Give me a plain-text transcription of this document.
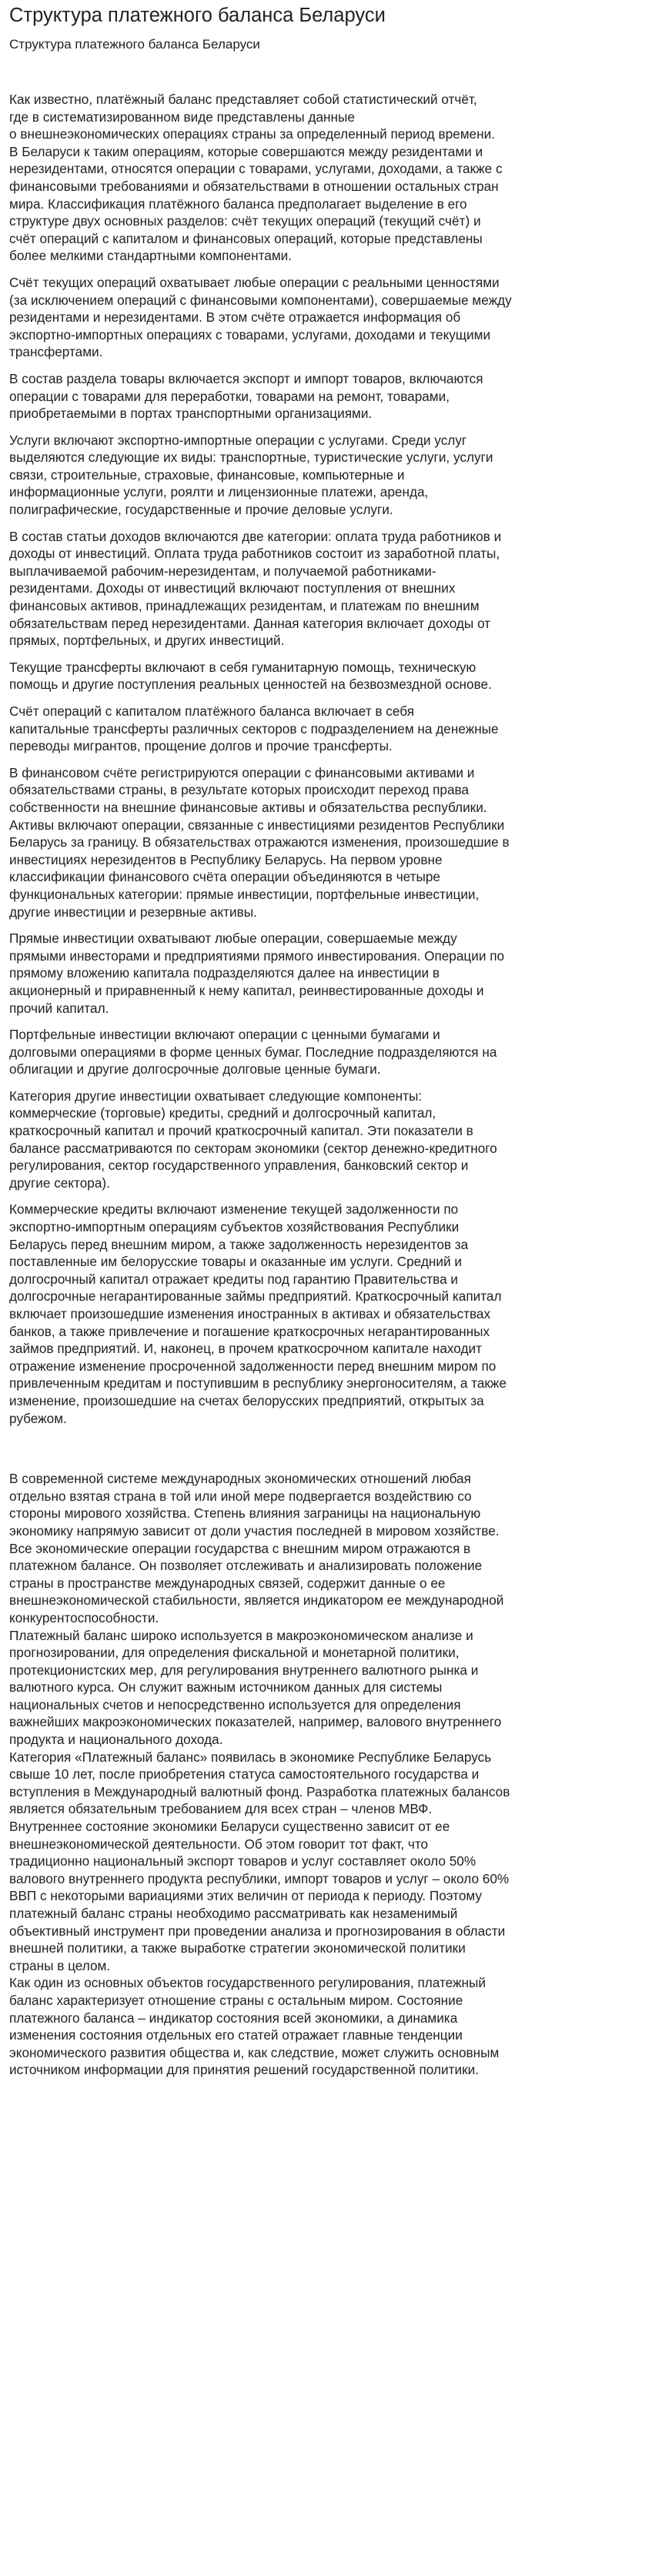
Структура платежного баланса Беларуси
Структура платежного баланса Беларуси

Как известно, платёжный баланс представляет собой статистический отчёт,
где в систематизированном виде представлены данные
о внешнеэкономических операциях страны за определенный период времени.
В Беларуси к таким операциям, которые совершаются между резидентами и
нерезидентами, относятся операции с товарами, услугами, доходами, а также с
финансовыми требованиями и обязательствами в отношении остальных стран
мира. Классификация платёжного баланса предполагает выделение в его
структуре двух основных разделов: счёт текущих операций (текущий счёт) и
счёт операций с капиталом и финансовых операций, которые представлены
более мелкими стандартными компонентами.

Счёт текущих операций охватывает любые операции с реальными ценностями
(за исключением операций с финансовыми компонентами), совершаемые между
резидентами и нерезидентами. В этом счёте отражается информация об
экспортно-импортных операциях с товарами, услугами, доходами и текущими
трансфертами.

В состав раздела товары включается экспорт и импорт товаров, включаются
операции с товарами для переработки, товарами на ремонт, товарами,
приобретаемыми в портах транспортными организациями.

Услуги включают экспортно-импортные операции с услугами. Среди услуг
выделяются следующие их виды: транспортные, туристические услуги, услуги
связи, строительные, страховые, финансовые, компьютерные и
информационные услуги, роялти и лицензионные платежи, аренда,
полиграфические, государственные и прочие деловые услуги.

В состав статьи доходов включаются две категории: оплата труда работников и
доходы от инвестиций. Оплата труда работников состоит из заработной платы,
выплачиваемой рабочим-нерезидентам, и получаемой работниками-
резидентами. Доходы от инвестиций включают поступления от внешних
финансовых активов, принадлежащих резидентам, и платежам по внешним
обязательствам перед нерезидентами. Данная категория включает доходы от
прямых, портфельных, и других инвестиций.

Текущие трансферты включают в себя гуманитарную помощь, техническую
помощь и другие поступления реальных ценностей на безвозмездной основе.

Счёт операций с капиталом платёжного баланса включает в себя
капитальные трансферты различных секторов с подразделением на денежные
переводы мигрантов, прощение долгов и прочие трансферты.

В финансовом счёте регистрируются операции с финансовыми активами и
обязательствами страны, в результате которых происходит переход права
собственности на внешние финансовые активы и обязательства республики.
Активы включают операции, связанные с инвестициями резидентов Республики
Беларусь за границу. В обязательствах отражаются изменения, произошедшие в
инвестициях нерезидентов в Республику Беларусь. На первом уровне
классификации финансового счёта операции объединяются в четыре
функциональных категории: прямые инвестиции, портфельные инвестиции,
другие инвестиции и резервные активы.

Прямые инвестиции охватывают любые операции, совершаемые между
прямыми инвесторами и предприятиями прямого инвестирования. Операции по
прямому вложению капитала подразделяются далее на инвестиции в
акционерный и приравненный к нему капитал, реинвестированные доходы и
прочий капитал.

Портфельные инвестиции включают операции с ценными бумагами и
долговыми операциями в форме ценных бумаг. Последние подразделяются на
облигации и другие долгосрочные долговые ценные бумаги.

Категория другие инвестиции охватывает следующие компоненты:
коммерческие (торговые) кредиты, средний и долгосрочный капитал,
краткосрочный капитал и прочий краткосрочный капитал. Эти показатели в
балансе рассматриваются по секторам экономики (сектор денежно-кредитного
регулирования, сектор государственного управления, банковский сектор и
другие сектора).

Коммерческие кредиты включают изменение текущей задолженности по
экспортно-импортным операциям субъектов хозяйствования Республики
Беларусь перед внешним миром, а также задолженность нерезидентов за
поставленные им белорусские товары и оказанные им услуги. Средний и
долгосрочный капитал отражает кредиты под гарантию Правительства и
долгосрочные негарантированные займы предприятий. Краткосрочный капитал
включает произошедшие изменения иностранных в активах и обязательствах
банков, а также привлечение и погашение краткосрочных негарантированных
займов предприятий. И, наконец, в прочем краткосрочном капитале находит
отражение изменение просроченной задолженности перед внешним миром по
привлеченным кредитам и поступившим в республику энергоносителям, а также
изменение, произошедшие на счетах белорусских предприятий, открытых за
рубежом.

В современной системе международных экономических отношений любая
отдельно взятая страна в той или иной мере подвергается воздействию со
стороны мирового хозяйства. Степень влияния заграницы на национальную
экономику напрямую зависит от доли участия последней в мировом хозяйстве.
Все экономические операции государства с внешним миром отражаются в
платежном балансе. Он позволяет отслеживать и анализировать положение
страны в пространстве международных связей, содержит данные о ее
внешнеэкономической стабильности, является индикатором ее международной
конкурентоспособности.

Платежный баланс широко используется в макроэкономическом анализе и
прогнозировании, для определения фискальной и монетарной политики,
протекционистских мер, для регулирования внутреннего валютного рынка и
валютного курса. Он служит важным источником данных для системы
национальных счетов и непосредственно используется для определения
важнейших макроэкономических показателей, например, валового внутреннего
продукта и национального дохода.

Категория «Платежный баланс» появилась в экономике Республике Беларусь
свыше 10 лет, после приобретения статуса самостоятельного государства и
вступления в Международный валютный фонд. Разработка платежных балансов
является обязательным требованием для всех стран – членов МВФ.
Внутреннее состояние экономики Беларуси существенно зависит от ее
внешнеэкономической деятельности. Об этом говорит тот факт, что
традиционно национальный экспорт товаров и услуг составляет около 50%
валового внутреннего продукта республики, импорт товаров и услуг – около 60%
ВВП с некоторыми вариациями этих величин от периода к периоду. Поэтому
платежный баланс страны необходимо рассматривать как незаменимый
объективный инструмент при проведении анализа и прогнозирования в области
внешней политики, а также выработке стратегии экономической политики
страны в целом.

Как один из основных объектов государственного регулирования, платежный
баланс характеризует отношение страны с остальным миром. Состояние
платежного баланса – индикатор состояния всей экономики, а динамика
изменения состояния отдельных его статей отражает главные тенденции
экономического развития общества и, как следствие, может служить основным
источником информации для принятия решений государственной политики.
